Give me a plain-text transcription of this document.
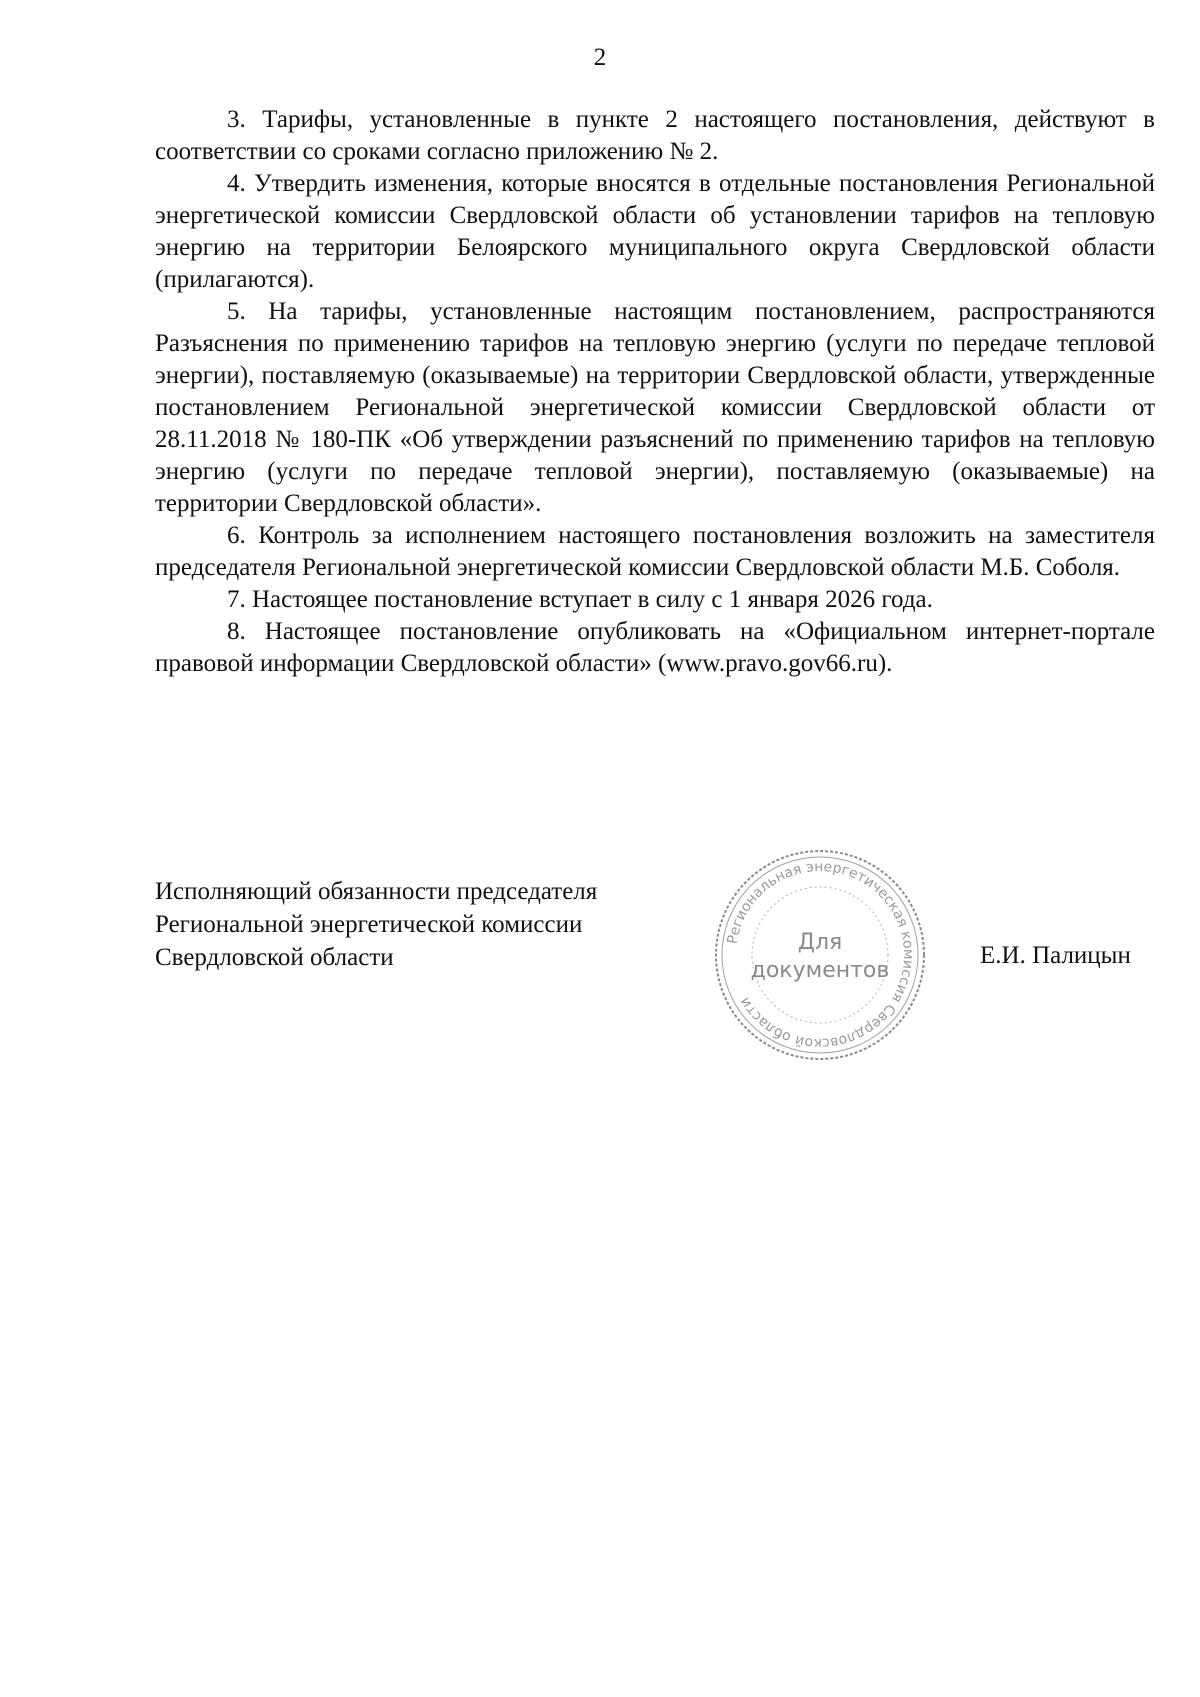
2

3. Тарифы, установленные в пункте 2 настоящего постановления, действуют в соответствии со сроками согласно приложению № 2.

4. Утвердить изменения, которые вносятся в отдельные постановления Региональной энергетической комиссии Свердловской области об установлении тарифов на тепловую энергию на территории Белоярского муниципального округа Свердловской области (прилагаются).

5. На тарифы, установленные настоящим постановлением, распространяются Разъяснения по применению тарифов на тепловую энергию (услуги по передаче тепловой энергии), поставляемую (оказываемые) на территории Свердловской области, утвержденные постановлением Региональной энергетической комиссии Свердловской области от 28.11.2018 № 180-ПК «Об утверждении разъяснений по применению тарифов на тепловую энергию (услуги по передаче тепловой энергии), поставляемую (оказываемые) на территории Свердловской области».

6. Контроль за исполнением настоящего постановления возложить на заместителя председателя Региональной энергетической комиссии Свердловской области М.Б. Соболя.

7. Настоящее постановление вступает в силу с 1 января 2026 года.

8. Настоящее постановление опубликовать на «Официальном интернет-портале правовой информации Свердловской области» (www.pravo.gov66.ru).

Исполняющий обязанности председателя
Региональной энергетической комиссии
Свердловской области
Региональная энергетическая комиссия Свердловской области
Для
документов
Е.И. Палицын
